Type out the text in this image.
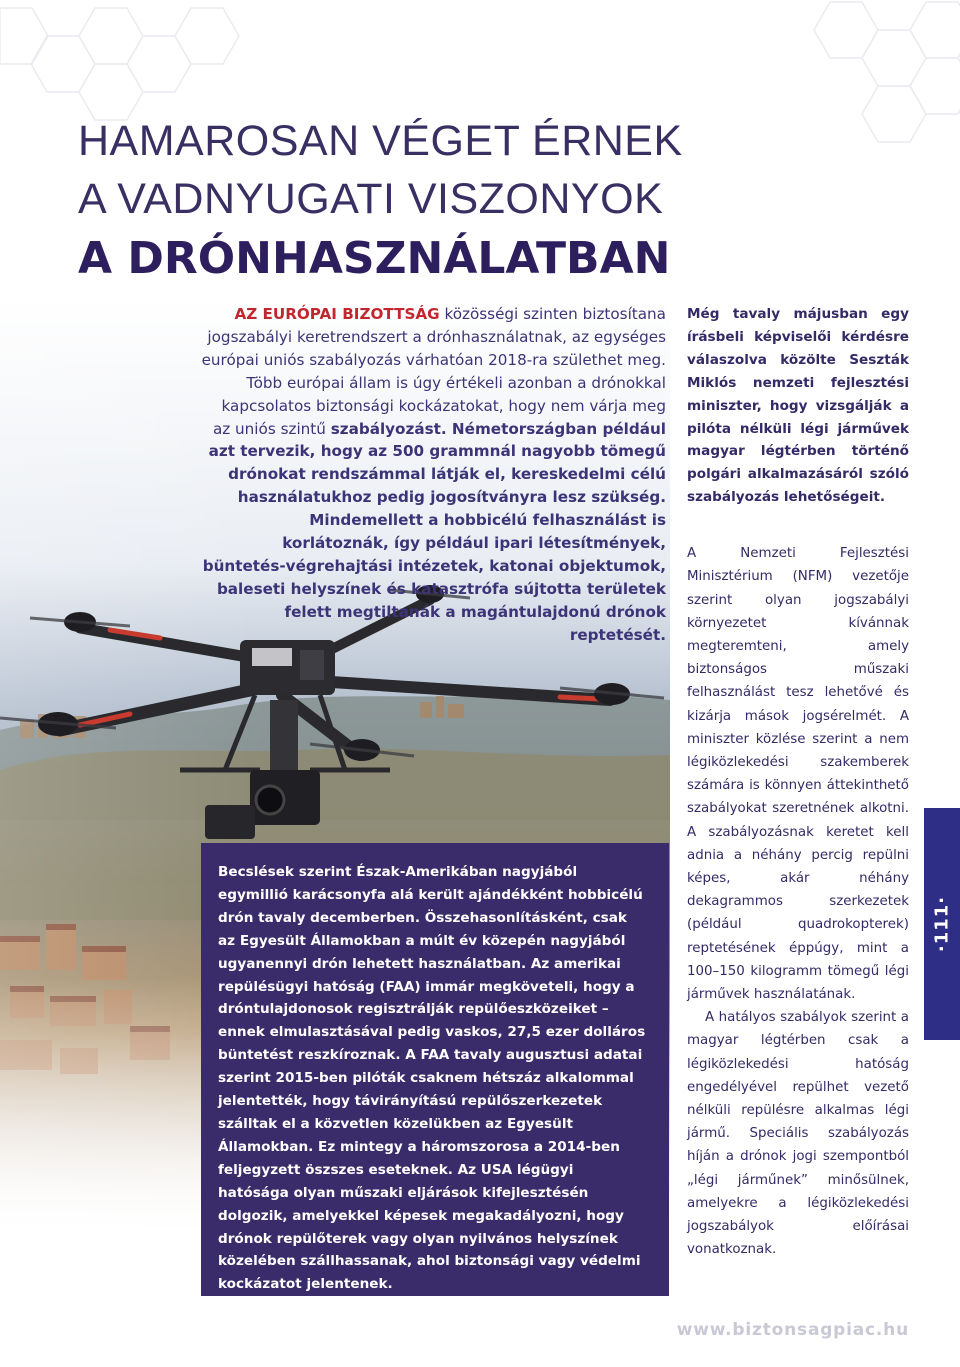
HAMAROSAN VÉGET ÉRNEK
A VADNYUGATI VISZONYOK
A DRÓNHASZNÁLATBAN
AZ EURÓPAI BIZOTTSÁG közösségi szinten biztosítana jogszabályi keretrendszert a drónhasználatnak, az egységes európai uniós szabályozás várhatóan 2018-ra születhet meg. Több európai állam is úgy értékeli azonban a drónokkal kapcsolatos biztonsági kockázatokat, hogy nem várja meg az uniós szintű szabályozást. Németországban például azt tervezik, hogy az 500 grammnál nagyobb tömegű drónokat rendszámmal látják el, kereskedelmi célú használatukhoz pedig jogosítványra lesz szükség. Mindemellett a hobbicélú felhasználást is korlátoznák, így például ipari létesítmények, büntetés-végrehajtási intézetek, katonai objektumok, baleseti helyszínek és katasztrófa sújtotta területek felett megtiltanák a magántulajdonú drónok reptetését.
Becslések szerint Észak-Amerikában nagyjából egymillió karácsonyfa alá került ajándékként hobbicélú drón tavaly decemberben. Összehasonlításként, csak az Egyesült Államokban a múlt év közepén nagyjából ugyanennyi drón lehetett használatban. Az amerikai repülésügyi hatóság (FAA) immár megköveteli, hogy a dróntulajdonosok regisztrálják repülőeszközeiket – ennek elmulasztásával pedig vaskos, 27,5 ezer dolláros büntetést reszkíroznak. A FAA tavaly augusztusi adatai szerint 2015-ben pilóták csaknem hétszáz alkalommal jelentették, hogy távirányítású repülőszerkezetek szálltak el a közvetlen közelükben az Egyesült Államokban. Ez mintegy a háromszorosa a 2014-ben feljegyzett öszszes eseteknek. Az USA légügyi hatósága olyan műszaki eljárások kifejlesztésén dolgozik, amelyekkel képesek megakadályozni, hogy drónok repülőterek vagy olyan nyilvános helyszínek közelében szállhassanak, ahol biztonsági vagy védelmi kockázatot jelentenek.

Még tavaly májusban egy írásbeli képviselői kérdésre válaszolva közölte Seszták Miklós nemzeti fejlesztési miniszter, hogy vizsgálják a pilóta nélküli légi járművek magyar légtérben történő polgári alkalmazásáról szóló szabályozás lehetőségeit.

A Nemzeti Fejlesztési Minisztérium (NFM) vezetője szerint olyan jogszabályi környezetet kívánnak megteremteni, amely biztonságos műszaki felhasználást tesz lehetővé és kizárja mások jogsérelmét. A miniszter közlése szerint a nem légiközlekedési szakemberek számára is könnyen áttekinthető szabályokat szeretnének alkotni. A szabályozásnak keretet kell adnia a néhány percig repülni képes, akár néhány dekagrammos szerkezetek (például quadrokopterek) reptetésének éppúgy, mint a 100–150 kilogramm tömegű légi járművek használatának.

A hatályos szabályok szerint a magyar légtérben csak a légiközlekedési hatóság engedélyével repülhet vezető nélküli repülésre alkalmas légi jármű. Speciális szabályozás híján a drónok jogi szempontból „légi járműnek” minősülnek, amelyekre a légiközlekedési jogszabályok előírásai vonatkoznak.

·111·
www.biztonsagpiac.hu
